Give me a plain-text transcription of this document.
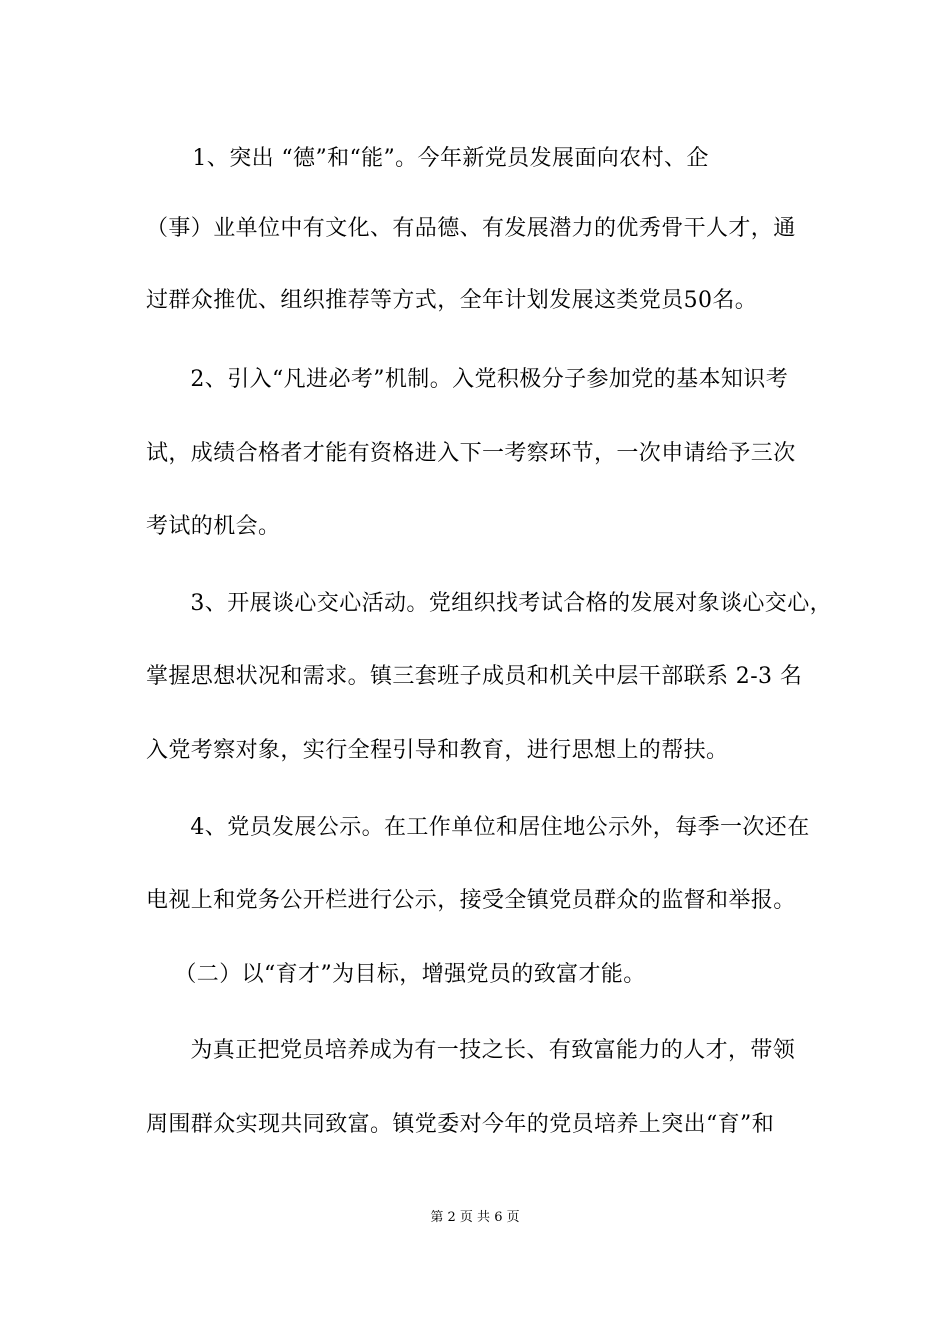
　1、突出 “德”和“能”。今年新党员发展面向农村、企
（事）业单位中有文化、有品德、有发展潜力的优秀骨干人才，通
过群众推优、组织推荐等方式，全年计划发展这类党员50名。
　2、引入“凡进必考”机制。入党积极分子参加党的基本知识考
试，成绩合格者才能有资格进入下一考察环节，一次申请给予三次
考试的机会。
　3、开展谈心交心活动。党组织找考试合格的发展对象谈心交心，
掌握思想状况和需求。镇三套班子成员和机关中层干部联系 2-3 名
入党考察对象，实行全程引导和教育，进行思想上的帮扶。
　4、党员发展公示。在工作单位和居住地公示外，每季一次还在
电视上和党务公开栏进行公示，接受全镇党员群众的监督和举报。
　（二）以“育才”为目标，增强党员的致富才能。
　为真正把党员培养成为有一技之长、有致富能力的人才，带领
周围群众实现共同致富。镇党委对今年的党员培养上突出“育”和
第 2 页 共 6 页
